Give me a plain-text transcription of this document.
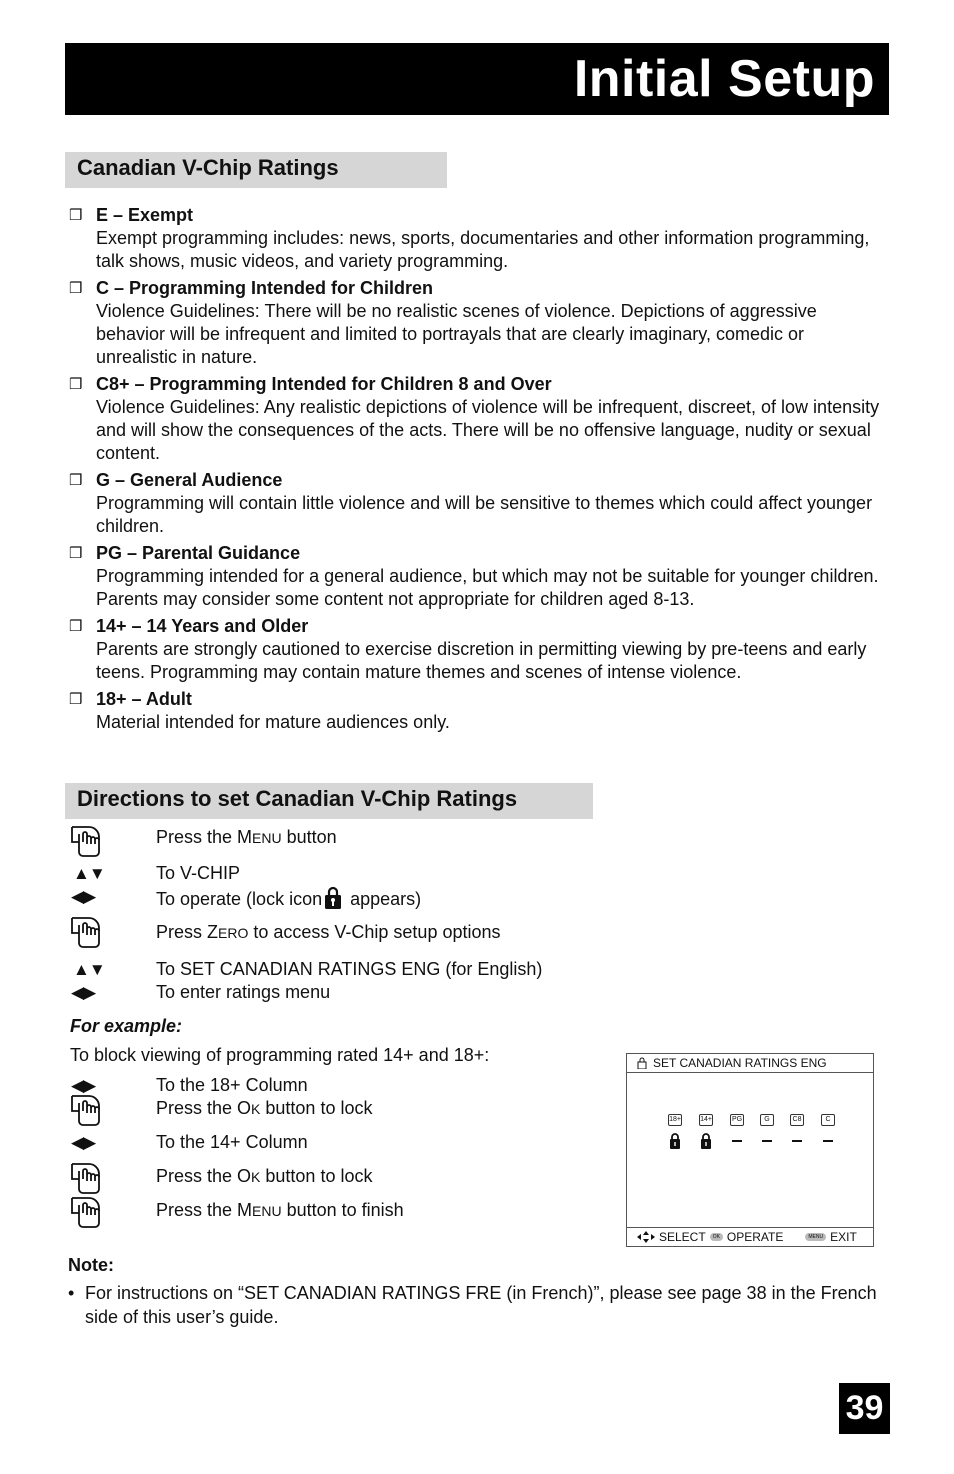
Initial Setup
Canadian V-Chip Ratings
❒ E – Exempt
Exempt programming includes: news, sports, documentaries and other information programming, talk shows, music videos, and variety programming.
❒ C – Programming Intended for Children
Violence Guidelines: There will be no realistic scenes of violence. Depictions of aggressive behavior will be infrequent and limited to portrayals that are clearly imaginary, comedic or unrealistic in nature.
❒ C8+ – Programming Intended for Children 8 and Over
Violence Guidelines: Any realistic depictions of violence will be infrequent, discreet, of low intensity and will show the consequences of the acts. There will be no offensive language, nudity or sexual content.
❒ G – General Audience
Programming will contain little violence and will be sensitive to themes which could affect younger children.
❒ PG – Parental Guidance
Programming intended for a general audience, but which may not be suitable for younger children. Parents may consider some content not appropriate for children aged 8-13.
❒ 14+ – 14 Years and Older
Parents are strongly cautioned to exercise discretion in permitting viewing by pre-teens and early teens. Programming may contain mature themes and scenes of intense violence.
❒ 18+ – Adult
Material intended for mature audiences only.
Directions to set Canadian V-Chip Ratings
Press the MENU button
▲▼	To V-CHIP
◀▶	To operate (lock icon appears)
Press ZERO to access V-Chip setup options
▲▼	To SET CANADIAN RATINGS ENG (for English)
◀▶	To enter ratings menu
For example:
To block viewing of programming rated 14+ and 18+:
◀▶	To the 18+ Column
Press the OK button to lock
◀▶	To the 14+ Column
Press the OK button to lock
Press the MENU button to finish
SET CANADIAN RATINGS ENG
18+	14+	PG	G	C8	C
SELECT	OK OPERATE	MENU EXIT
Note:
• For instructions on “SET CANADIAN RATINGS FRE (in French)”, please see page 38 in the French side of this user’s guide.
39
